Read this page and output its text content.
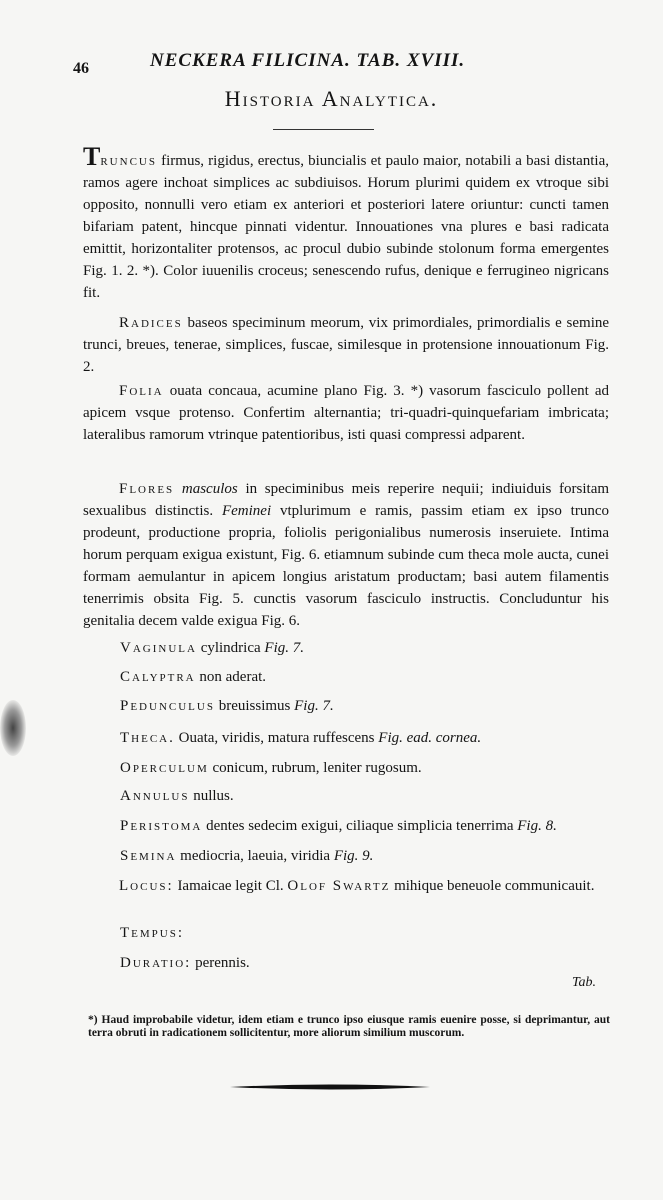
46	NECKERA FILICINA. TAB. XVIII.
Historia Analytica.

Truncus firmus, rigidus, erectus, biuncialis et paulo maior, notabili a basi distantia, ramos agere inchoat simplices ac subdiuisos. Horum plurimi quidem ex vtroque sibi opposito, nonnulli vero etiam ex anteriori et posteriori latere oriuntur: cuncti tamen bifariam patent, hincque pinnati videntur. Innouationes vna plures e basi radicata emittit, horizontaliter protensos, ac procul dubio subinde stolonum forma emergentes Fig. 1. 2. *). Color iuuenilis croceus; senescendo rufus, denique e ferrugineo nigricans fit.

Radices baseos speciminum meorum, vix primordiales, primordialis e semine trunci, breues, tenerae, simplices, fuscae, similesque in protensione innouationum Fig. 2.

Folia ouata concaua, acumine plano Fig. 3. *) vasorum fasciculo pollent ad apicem vsque protenso. Confertim alternantia; tri-quadri-quinquefariam imbricata; lateralibus ramorum vtrinque patentioribus, isti quasi compressi adparent.

Flores masculos in speciminibus meis reperire nequii; indiuiduis forsitam sexualibus distinctis. Feminei vtplurimum e ramis, passim etiam ex ipso trunco prodeunt, productione propria, foliolis perigonialibus numerosis inseruiete. Intima horum perquam exigua existunt, Fig. 6. etiamnum subinde cum theca mole aucta, cunei formam aemulantur in apicem longius aristatum productam; basi autem filamentis tenerrimis obsita Fig. 5. cunctis vasorum fasciculo instructis. Concluduntur his genitalia decem valde exigua Fig. 6.

Vaginula cylindrica Fig. 7.
Calyptra non aderat.
Pedunculus breuissimus Fig. 7.
Theca. Ouata, viridis, matura ruffescens Fig. ead. cornea.
Operculum conicum, rubrum, leniter rugosum.
Annulus nullus.
Peristoma dentes sedecim exigui, ciliaque simplicia tenerrima Fig. 8.
Semina mediocria, laeuia, viridia Fig. 9.

Locus: Iamaicae legit Cl. Olof Swartz mihique beneuole communicauit.

Tempus:
Duratio: perennis.
Tab.
*) Haud improbabile videtur, idem etiam e trunco ipso eiusque ramis euenire posse, si deprimantur, aut terra obruti in radicationem sollicitentur, more aliorum similium muscorum.
